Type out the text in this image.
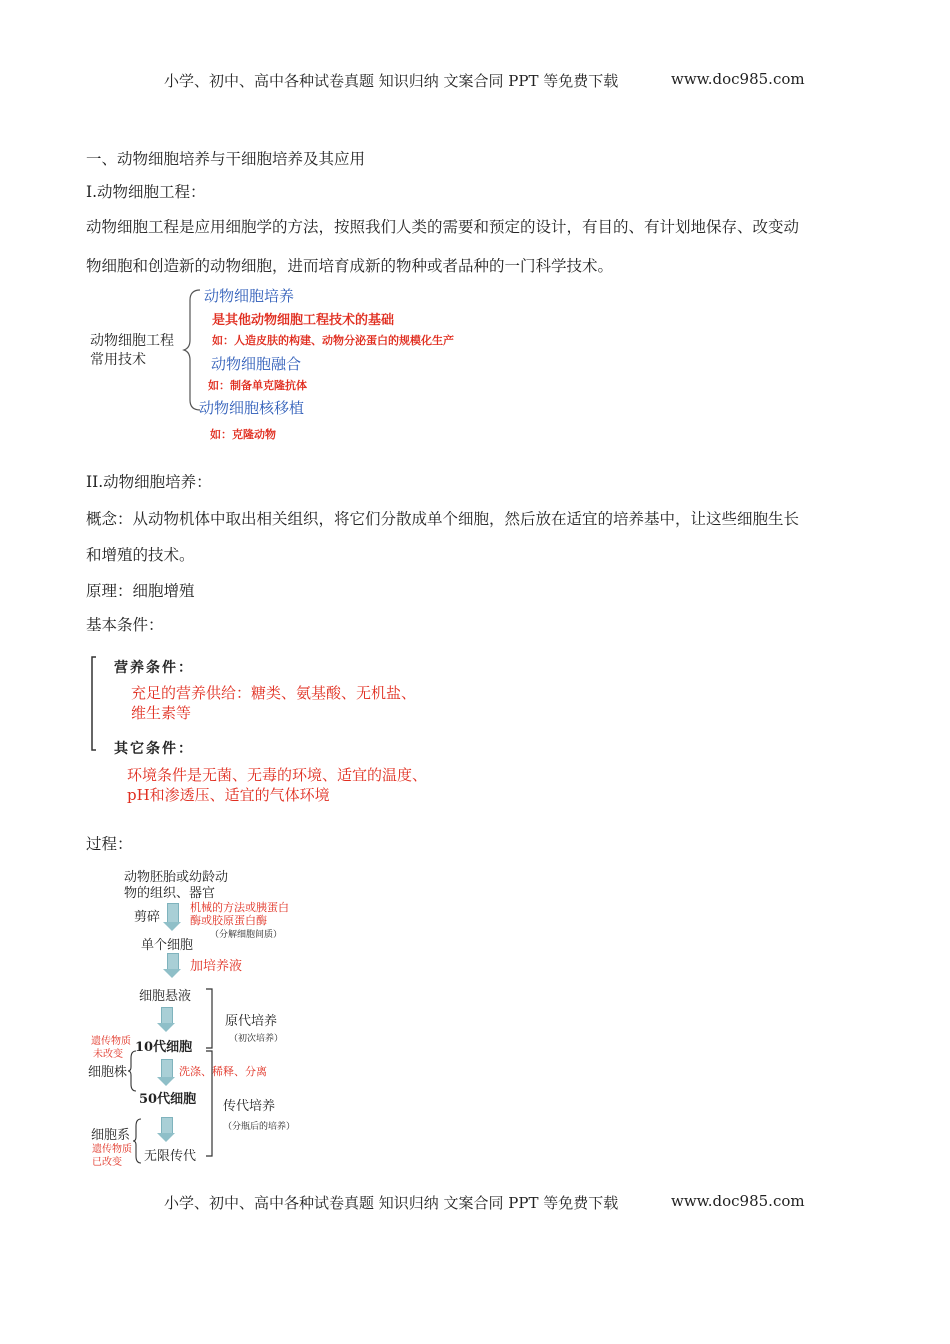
小学、初中、高中各种试卷真题 知识归纳 文案合同 PPT 等免费下载	www.doc985.com
一、动物细胞培养与干细胞培养及其应用
I.动物细胞工程：
动物细胞工程是应用细胞学的方法，按照我们人类的需要和预定的设计，有目的、有计划地保存、改变动
物细胞和创造新的动物细胞，进而培育成新的物种或者品种的一门科学技术。
动物细胞工程
常用技术
动物细胞培养
是其他动物细胞工程技术的基础
如：人造皮肤的构建、动物分泌蛋白的规模化生产
动物细胞融合
如：制备单克隆抗体
动物细胞核移植
如：克隆动物
II.动物细胞培养：
概念：从动物机体中取出相关组织，将它们分散成单个细胞，然后放在适宜的培养基中，让这些细胞生长
和增殖的技术。
原理：细胞增殖
基本条件：
营养条件：
充足的营养供给：糖类、氨基酸、无机盐、
维生素等
其它条件：
环境条件是无菌、无毒的环境、适宜的温度、
pH和渗透压、适宜的气体环境
过程：
动物胚胎或幼龄动
物的组织、器官
剪碎
机械的方法或胰蛋白
酶或胶原蛋白酶
（分解细胞间质）
单个细胞
加培养液
细胞悬液
原代培养
（初次培养）
遗传物质
未改变 10代细胞
细胞株	洗涤、稀释、分离
50代细胞 传代培养
（分瓶后的培养）
细胞系
遗传物质
已改变 无限传代
小学、初中、高中各种试卷真题 知识归纳 文案合同 PPT 等免费下载	www.doc985.com
